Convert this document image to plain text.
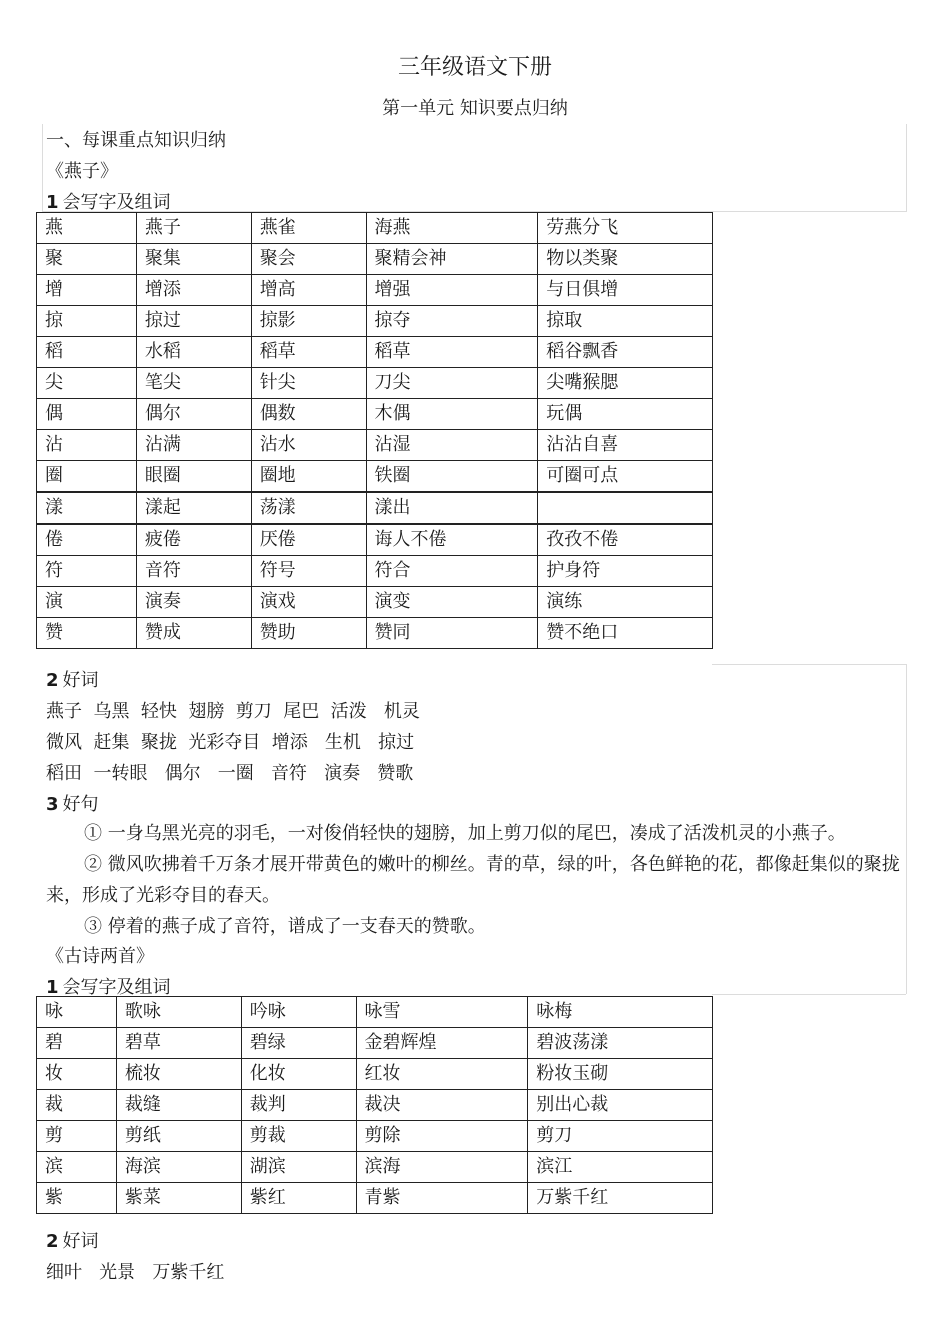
三年级语文下册
第一单元 知识要点归纳
一、每课重点知识归纳
《燕子》
1 会写字及组词
燕	燕子	燕雀	海燕	劳燕分飞
聚	聚集	聚会	聚精会神	物以类聚
增	增添	增高	增强	与日俱增
掠	掠过	掠影	掠夺	掠取
稻	水稻	稻草	稻草	稻谷飘香
尖	笔尖	针尖	刀尖	尖嘴猴腮
偶	偶尔	偶数	木偶	玩偶
沾	沾满	沾水	沾湿	沾沾自喜
圈	眼圈	圈地	铁圈	可圈可点
漾	漾起	荡漾	漾出	
倦	疲倦	厌倦	诲人不倦	孜孜不倦
符	音符	符号	符合	护身符
演	演奏	演戏	演变	演练
赞	赞成	赞助	赞同	赞不绝口
2 好词
燕子  乌黑  轻快  翅膀  剪刀  尾巴  活泼   机灵
微风  赶集  聚拢  光彩夺目  增添   生机   掠过
稻田  一转眼   偶尔   一圈   音符   演奏   赞歌
3 好句
① 一身乌黑光亮的羽毛，一对俊俏轻快的翅膀，加上剪刀似的尾巴，凑成了活泼机灵的小燕子。
② 微风吹拂着千万条才展开带黄色的嫩叶的柳丝。青的草，绿的叶，各色鲜艳的花，都像赶集似的聚拢来，形成了光彩夺目的春天。
③ 停着的燕子成了音符，谱成了一支春天的赞歌。
《古诗两首》
1 会写字及组词
咏	歌咏	吟咏	咏雪	咏梅
碧	碧草	碧绿	金碧辉煌	碧波荡漾
妆	梳妆	化妆	红妆	粉妆玉砌
裁	裁缝	裁判	裁决	别出心裁
剪	剪纸	剪裁	剪除	剪刀
滨	海滨	湖滨	滨海	滨江
紫	紫菜	紫红	青紫	万紫千红
2 好词
细叶   光景   万紫千红
